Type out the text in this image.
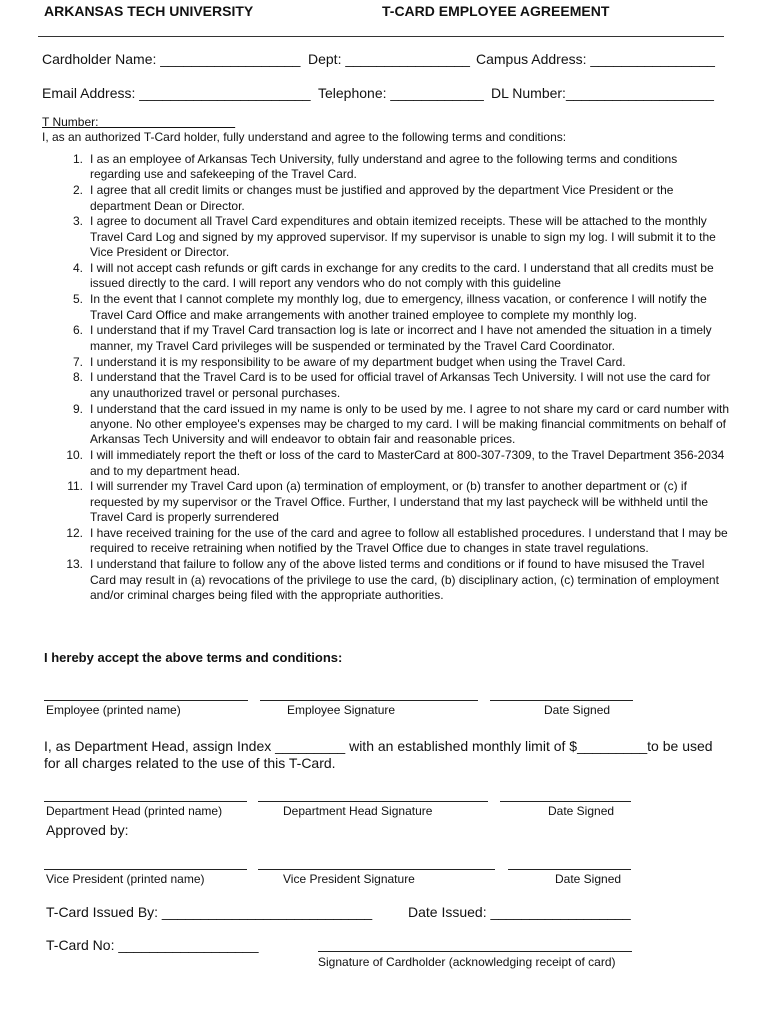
ARKANSAS TECH UNIVERSITY	T-CARD EMPLOYEE AGREEMENT
Cardholder Name: __________________ Dept: ________________ Campus Address: ________________
Email Address: ______________________ Telephone: ____________ DL Number:___________________
T Number:
I, as an authorized T-Card holder, fully understand and agree to the following terms and conditions:
1. I as an employee of Arkansas Tech University, fully understand and agree to the following terms and conditions regarding use and safekeeping of the Travel Card.
2. I agree that all credit limits or changes must be justified and approved by the department Vice President or the department Dean or Director.
3. I agree to document all Travel Card expenditures and obtain itemized receipts. These will be attached to the monthly Travel Card Log and signed by my approved supervisor. If my supervisor is unable to sign my log. I will submit it to the Vice President or Director.
4. I will not accept cash refunds or gift cards in exchange for any credits to the card. I understand that all credits must be issued directly to the card. I will report any vendors who do not comply with this guideline
5. In the event that I cannot complete my monthly log, due to emergency, illness vacation, or conference I will notify the Travel Card Office and make arrangements with another trained employee to complete my monthly log.
6. I understand that if my Travel Card transaction log is late or incorrect and I have not amended the situation in a timely manner, my Travel Card privileges will be suspended or terminated by the Travel Card Coordinator.
7. I understand it is my responsibility to be aware of my department budget when using the Travel Card.
8. I understand that the Travel Card is to be used for official travel of Arkansas Tech University. I will not use the card for any unauthorized travel or personal purchases.
9. I understand that the card issued in my name is only to be used by me. I agree to not share my card or card number with anyone. No other employee's expenses may be charged to my card. I will be making financial commitments on behalf of Arkansas Tech University and will endeavor to obtain fair and reasonable prices.
10. I will immediately report the theft or loss of the card to MasterCard at 800-307-7309, to the Travel Department 356-2034 and to my department head.
11. I will surrender my Travel Card upon (a) termination of employment, or (b) transfer to another department or (c) if requested by my supervisor or the Travel Office. Further, I understand that my last paycheck will be withheld until the Travel Card is properly surrendered
12. I have received training for the use of the card and agree to follow all established procedures. I understand that I may be required to receive retraining when notified by the Travel Office due to changes in state travel regulations.
13. I understand that failure to follow any of the above listed terms and conditions or if found to have misused the Travel Card may result in (a) revocations of the privilege to use the card, (b) disciplinary action, (c) termination of employment and/or criminal charges being filed with the appropriate authorities.
I hereby accept the above terms and conditions:
Employee (printed name)	Employee Signature	Date Signed
I, as Department Head, assign Index _________ with an established monthly limit of $_________to be used
for all charges related to the use of this T-Card.
Department Head (printed name)	Department Head Signature	Date Signed
Approved by:
Vice President (printed name)	Vice President Signature	Date Signed
T-Card Issued By: ___________________________	Date Issued: __________________
T-Card No: __________________
Signature of Cardholder (acknowledging receipt of card)
